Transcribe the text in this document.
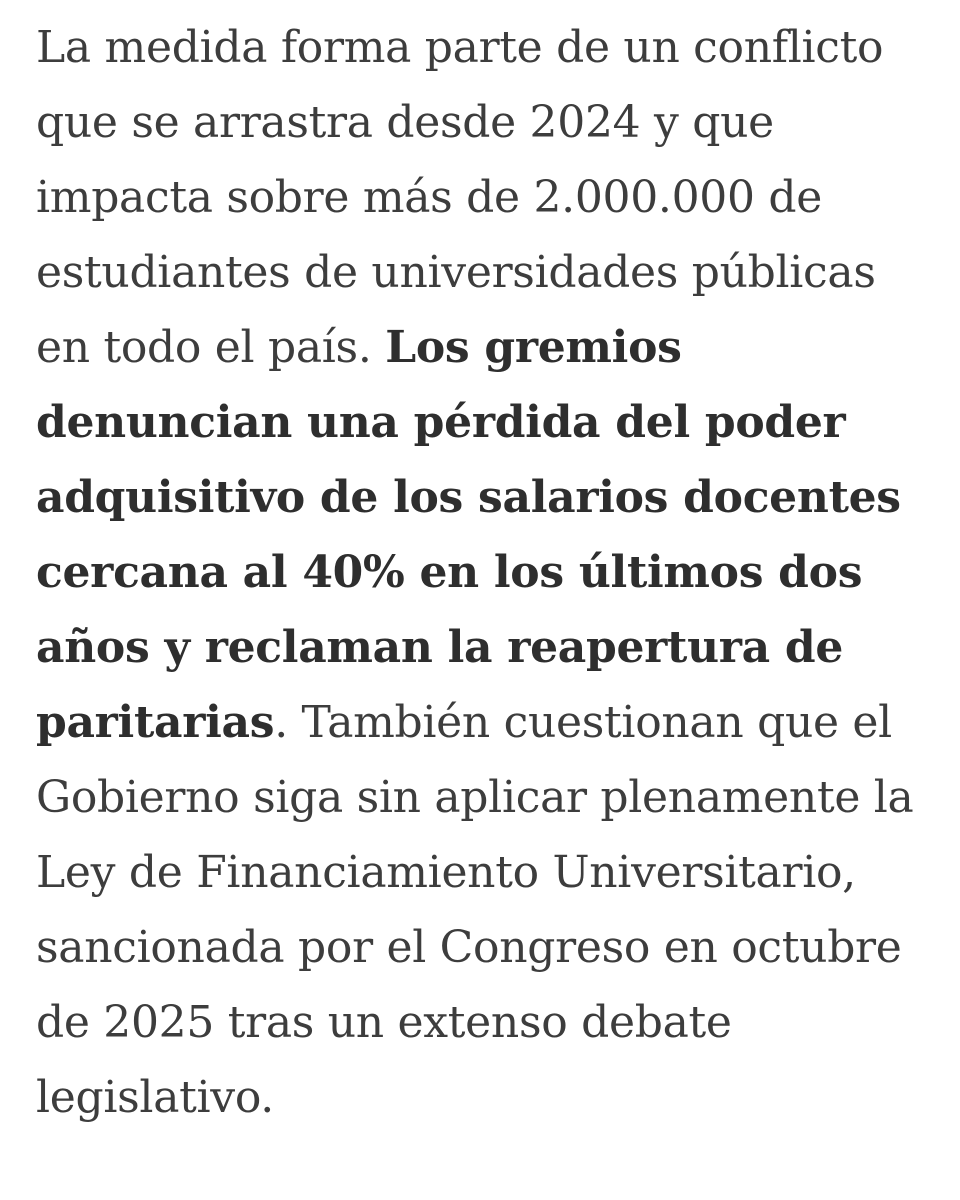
La medida forma parte de un conflicto
que se arrastra desde 2024 y que
impacta sobre más de 2.000.000 de
estudiantes de universidades públicas
en todo el país. Los gremios
denuncian una pérdida del poder
adquisitivo de los salarios docentes
cercana al 40% en los últimos dos
años y reclaman la reapertura de
paritarias. También cuestionan que el
Gobierno siga sin aplicar plenamente la
Ley de Financiamiento Universitario,
sancionada por el Congreso en octubre
de 2025 tras un extenso debate
legislativo.
